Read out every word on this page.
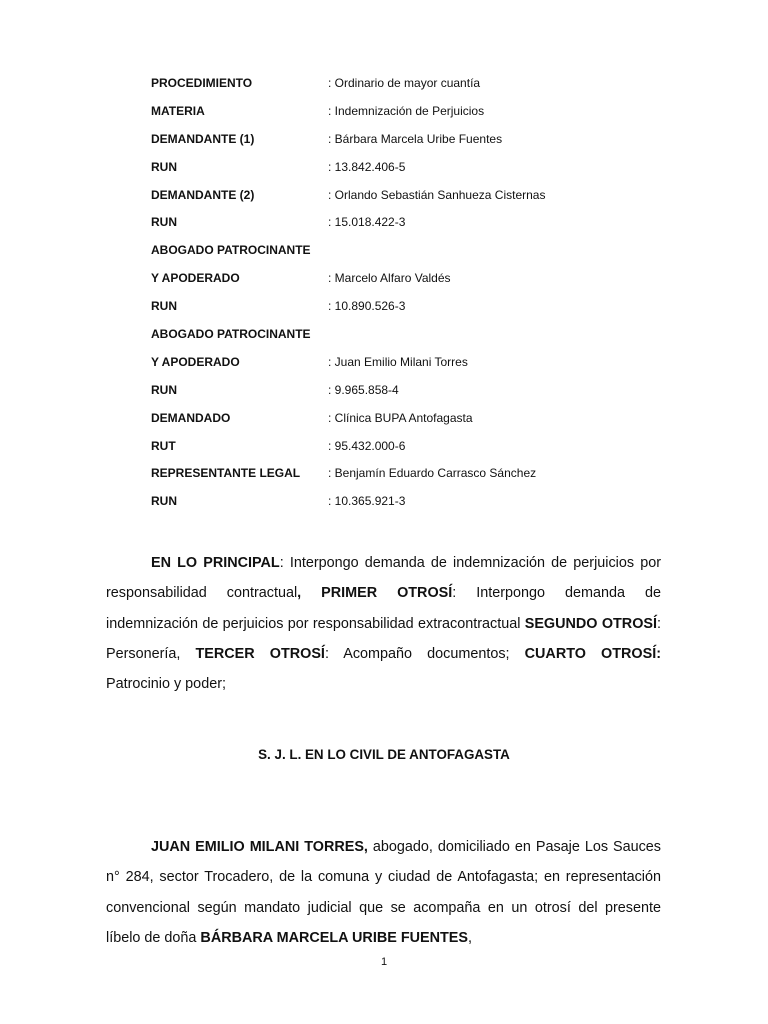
PROCEDIMIENTO	: Ordinario de mayor cuantía
MATERIA	: Indemnización de Perjuicios
DEMANDANTE (1)	: Bárbara Marcela Uribe Fuentes
RUN	: 13.842.406-5
DEMANDANTE (2)	: Orlando Sebastián Sanhueza Cisternas
RUN	: 15.018.422-3
ABOGADO PATROCINANTE
Y APODERADO	: Marcelo Alfaro Valdés
RUN	: 10.890.526-3
ABOGADO PATROCINANTE
Y APODERADO	: Juan Emilio Milani Torres
RUN	: 9.965.858-4
DEMANDADO	: Clínica BUPA Antofagasta
RUT	: 95.432.000-6
REPRESENTANTE LEGAL : Benjamín Eduardo Carrasco Sánchez
RUN	: 10.365.921-3
EN LO PRINCIPAL: Interpongo demanda de indemnización de perjuicios por responsabilidad contractual, PRIMER OTROSÍ: Interpongo demanda de indemnización de perjuicios por responsabilidad extracontractual SEGUNDO OTROSÍ: Personería, TERCER OTROSÍ: Acompaño documentos; CUARTO OTROSÍ: Patrocinio y poder;
S. J. L. EN LO CIVIL DE ANTOFAGASTA
JUAN EMILIO MILANI TORRES, abogado, domiciliado en Pasaje Los Sauces n° 284, sector Trocadero, de la comuna y ciudad de Antofagasta; en representación convencional según mandato judicial que se acompaña en un otrosí del presente líbelo de doña BÁRBARA MARCELA URIBE FUENTES,
1
